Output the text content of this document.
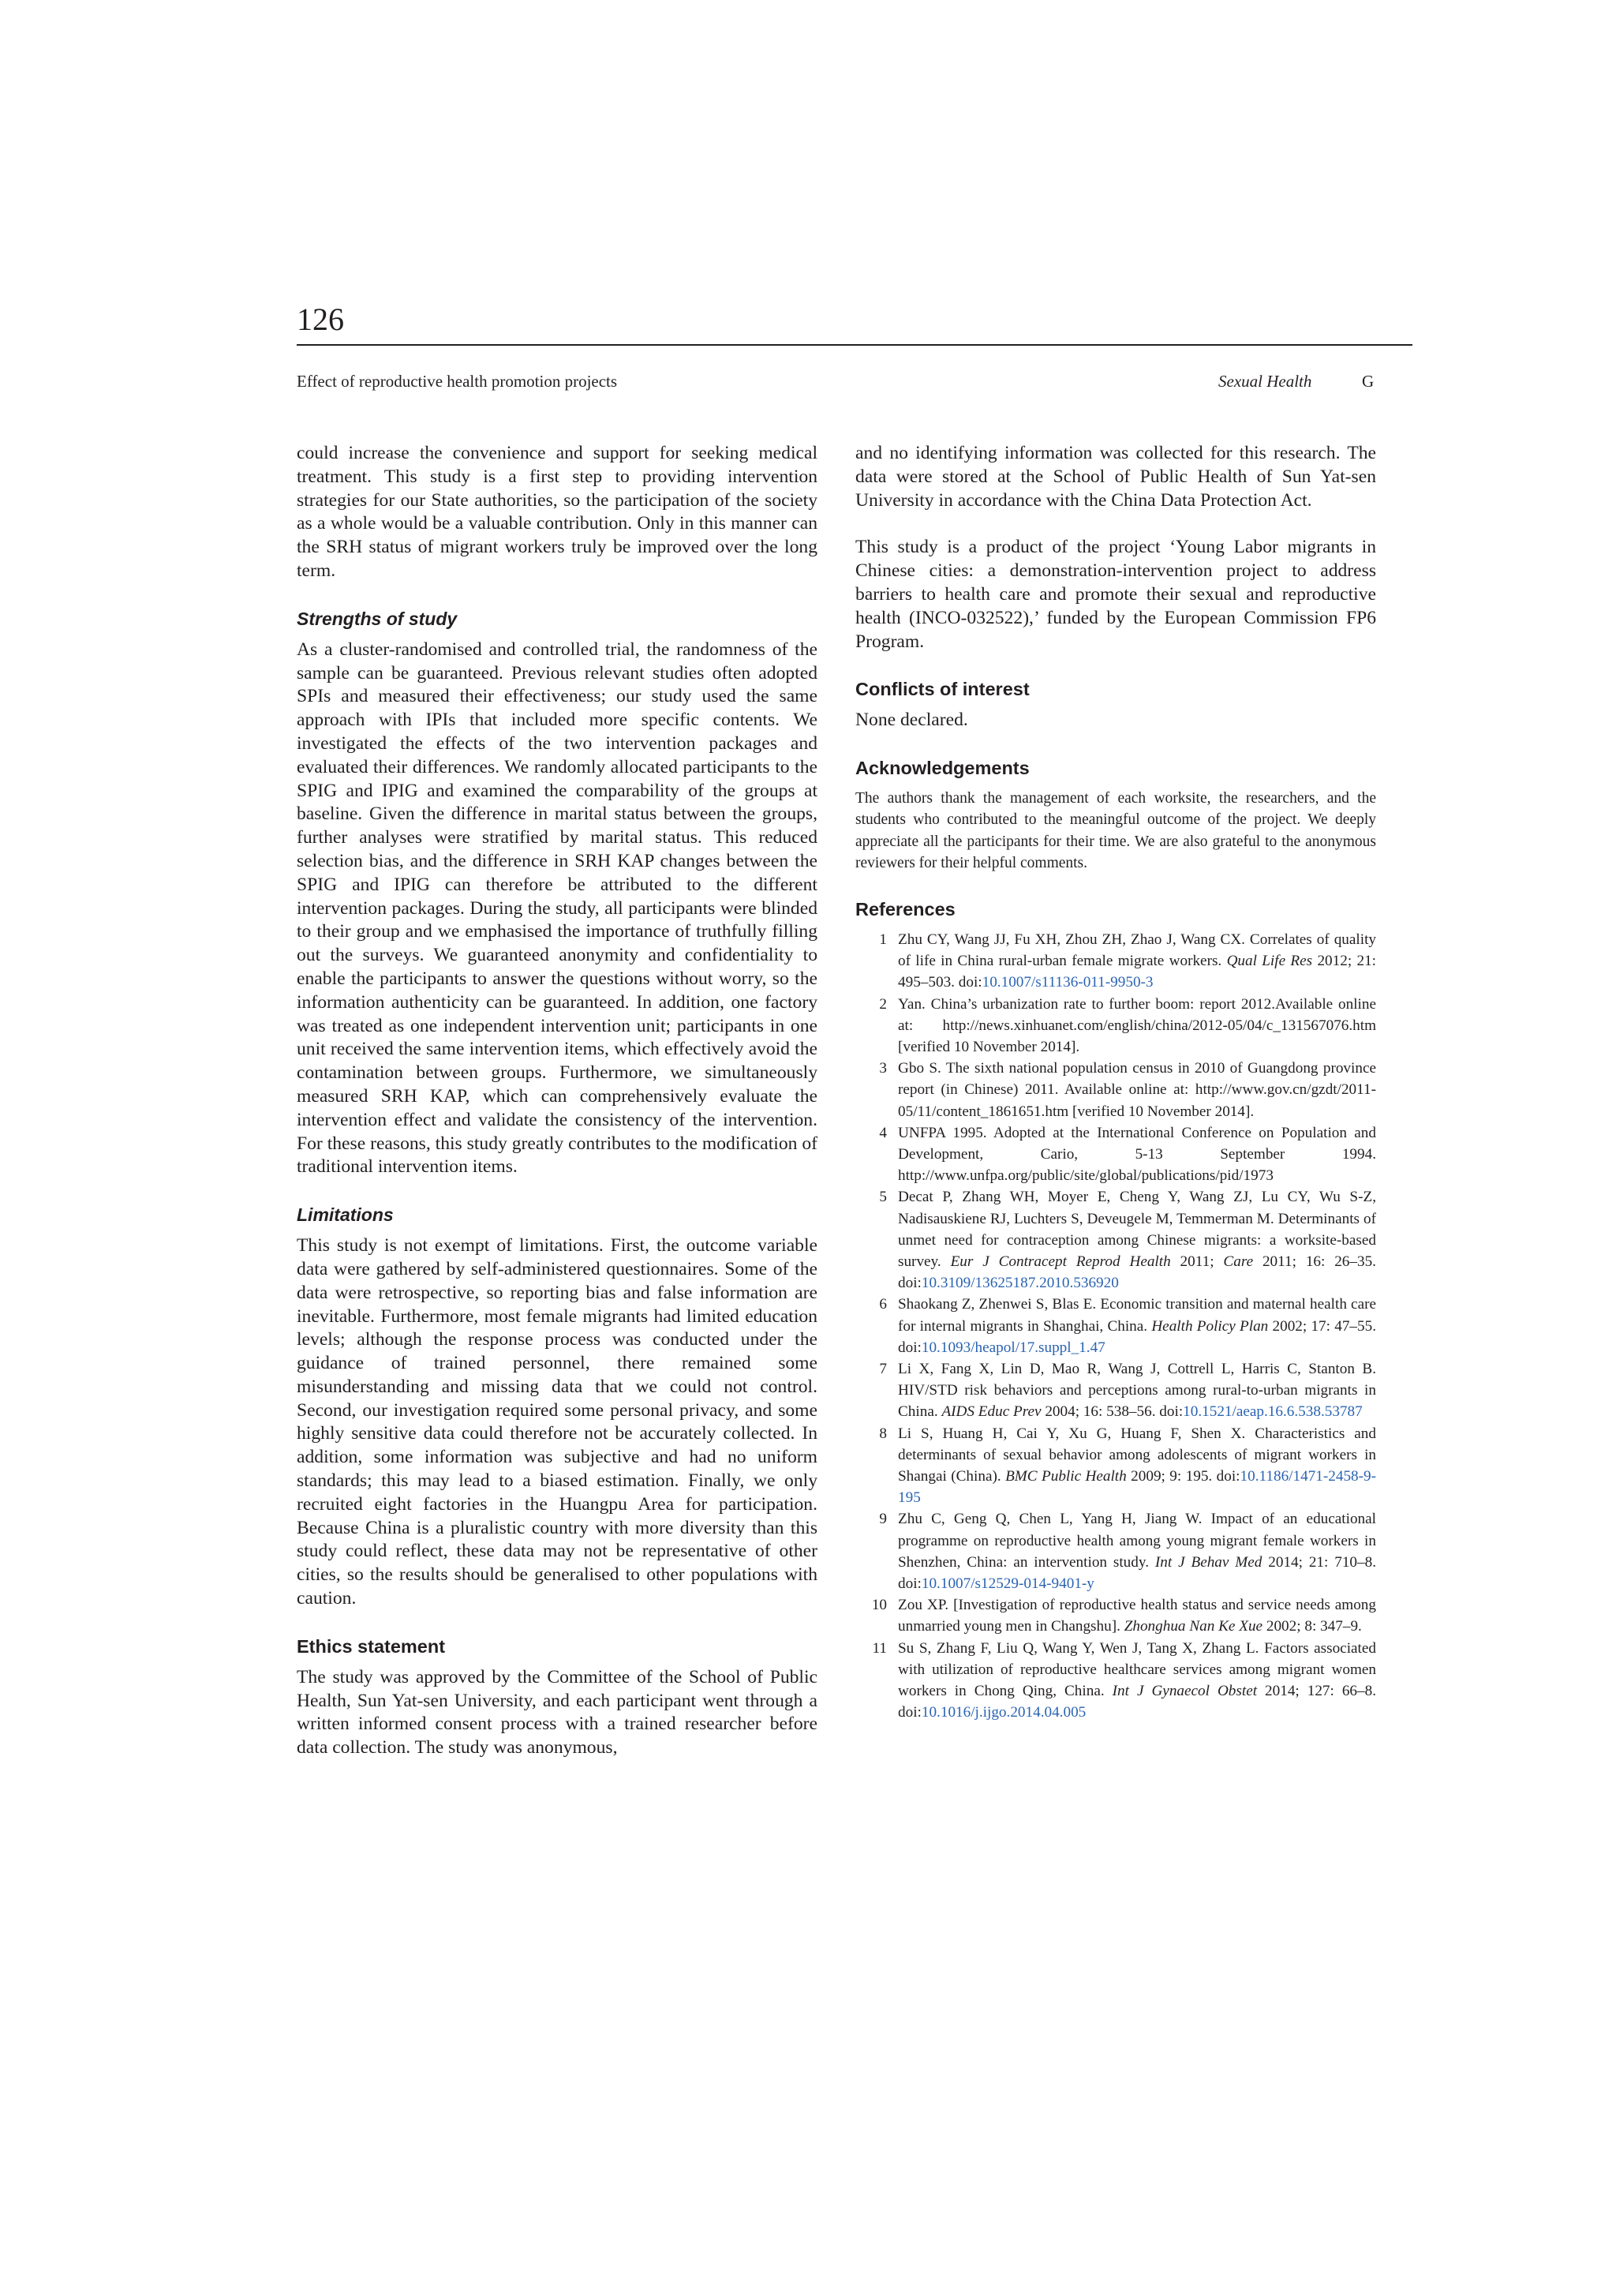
126
Effect of reproductive health promotion projects	Sexual Health	G

could increase the convenience and support for seeking medical treatment. This study is a first step to providing intervention strategies for our State authorities, so the participation of the society as a whole would be a valuable contribution. Only in this manner can the SRH status of migrant workers truly be improved over the long term.

Strengths of study

As a cluster-randomised and controlled trial, the randomness of the sample can be guaranteed. Previous relevant studies often adopted SPIs and measured their effectiveness; our study used the same approach with IPIs that included more specific contents. We investigated the effects of the two intervention packages and evaluated their differences. We randomly allocated participants to the SPIG and IPIG and examined the comparability of the groups at baseline. Given the difference in marital status between the groups, further analyses were stratified by marital status. This reduced selection bias, and the difference in SRH KAP changes between the SPIG and IPIG can therefore be attributed to the different intervention packages. During the study, all participants were blinded to their group and we emphasised the importance of truthfully filling out the surveys. We guaranteed anonymity and confidentiality to enable the participants to answer the questions without worry, so the information authenticity can be guaranteed. In addition, one factory was treated as one independent intervention unit; participants in one unit received the same intervention items, which effectively avoid the contamination between groups. Furthermore, we simultaneously measured SRH KAP, which can comprehensively evaluate the intervention effect and validate the consistency of the intervention. For these reasons, this study greatly contributes to the modification of traditional intervention items.

Limitations

This study is not exempt of limitations. First, the outcome variable data were gathered by self-administered questionnaires. Some of the data were retrospective, so reporting bias and false information are inevitable. Furthermore, most female migrants had limited education levels; although the response process was conducted under the guidance of trained personnel, there remained some misunderstanding and missing data that we could not control. Second, our investigation required some personal privacy, and some highly sensitive data could therefore not be accurately collected. In addition, some information was subjective and had no uniform standards; this may lead to a biased estimation. Finally, we only recruited eight factories in the Huangpu Area for participation. Because China is a pluralistic country with more diversity than this study could reflect, these data may not be representative of other cities, so the results should be generalised to other populations with caution.

Ethics statement

The study was approved by the Committee of the School of Public Health, Sun Yat-sen University, and each participant went through a written informed consent process with a trained researcher before data collection. The study was anonymous,

and no identifying information was collected for this research. The data were stored at the School of Public Health of Sun Yat-sen University in accordance with the China Data Protection Act.

This study is a product of the project ‘Young Labor migrants in Chinese cities: a demonstration-intervention project to address barriers to health care and promote their sexual and reproductive health (INCO-032522),’ funded by the European Commission FP6 Program.

Conflicts of interest

None declared.

Acknowledgements

The authors thank the management of each worksite, the researchers, and the students who contributed to the meaningful outcome of the project. We deeply appreciate all the participants for their time. We are also grateful to the anonymous reviewers for their helpful comments.

References
1 Zhu CY, Wang JJ, Fu XH, Zhou ZH, Zhao J, Wang CX. Correlates of quality of life in China rural-urban female migrate workers. Qual Life Res 2012; 21: 495–503. doi:10.1007/s11136-011-9950-3
2 Yan. China’s urbanization rate to further boom: report 2012.Available online at: http://news.xinhuanet.com/english/china/2012-05/04/c_131567076.htm [verified 10 November 2014].
3 Gbo S. The sixth national population census in 2010 of Guangdong province report (in Chinese) 2011. Available online at: http://www.gov.cn/gzdt/2011-05/11/content_1861651.htm [verified 10 November 2014].
4 UNFPA 1995. Adopted at the International Conference on Population and Development, Cario, 5-13 September 1994. http://www.unfpa.org/public/site/global/publications/pid/1973
5 Decat P, Zhang WH, Moyer E, Cheng Y, Wang ZJ, Lu CY, Wu S-Z, Nadisauskiene RJ, Luchters S, Deveugele M, Temmerman M. Determinants of unmet need for contraception among Chinese migrants: a worksite-based survey. Eur J Contracept Reprod Health 2011; Care 2011; 16: 26–35. doi:10.3109/13625187.2010.536920
6 Shaokang Z, Zhenwei S, Blas E. Economic transition and maternal health care for internal migrants in Shanghai, China. Health Policy Plan 2002; 17: 47–55. doi:10.1093/heapol/17.suppl_1.47
7 Li X, Fang X, Lin D, Mao R, Wang J, Cottrell L, Harris C, Stanton B. HIV/STD risk behaviors and perceptions among rural-to-urban migrants in China. AIDS Educ Prev 2004; 16: 538–56. doi:10.1521/aeap.16.6.538.53787
8 Li S, Huang H, Cai Y, Xu G, Huang F, Shen X. Characteristics and determinants of sexual behavior among adolescents of migrant workers in Shangai (China). BMC Public Health 2009; 9: 195. doi:10.1186/1471-2458-9-195
9 Zhu C, Geng Q, Chen L, Yang H, Jiang W. Impact of an educational programme on reproductive health among young migrant female workers in Shenzhen, China: an intervention study. Int J Behav Med 2014; 21: 710–8. doi:10.1007/s12529-014-9401-y
10 Zou XP. [Investigation of reproductive health status and service needs among unmarried young men in Changshu]. Zhonghua Nan Ke Xue 2002; 8: 347–9.
11 Su S, Zhang F, Liu Q, Wang Y, Wen J, Tang X, Zhang L. Factors associated with utilization of reproductive healthcare services among migrant women workers in Chong Qing, China. Int J Gynaecol Obstet 2014; 127: 66–8. doi:10.1016/j.ijgo.2014.04.005
